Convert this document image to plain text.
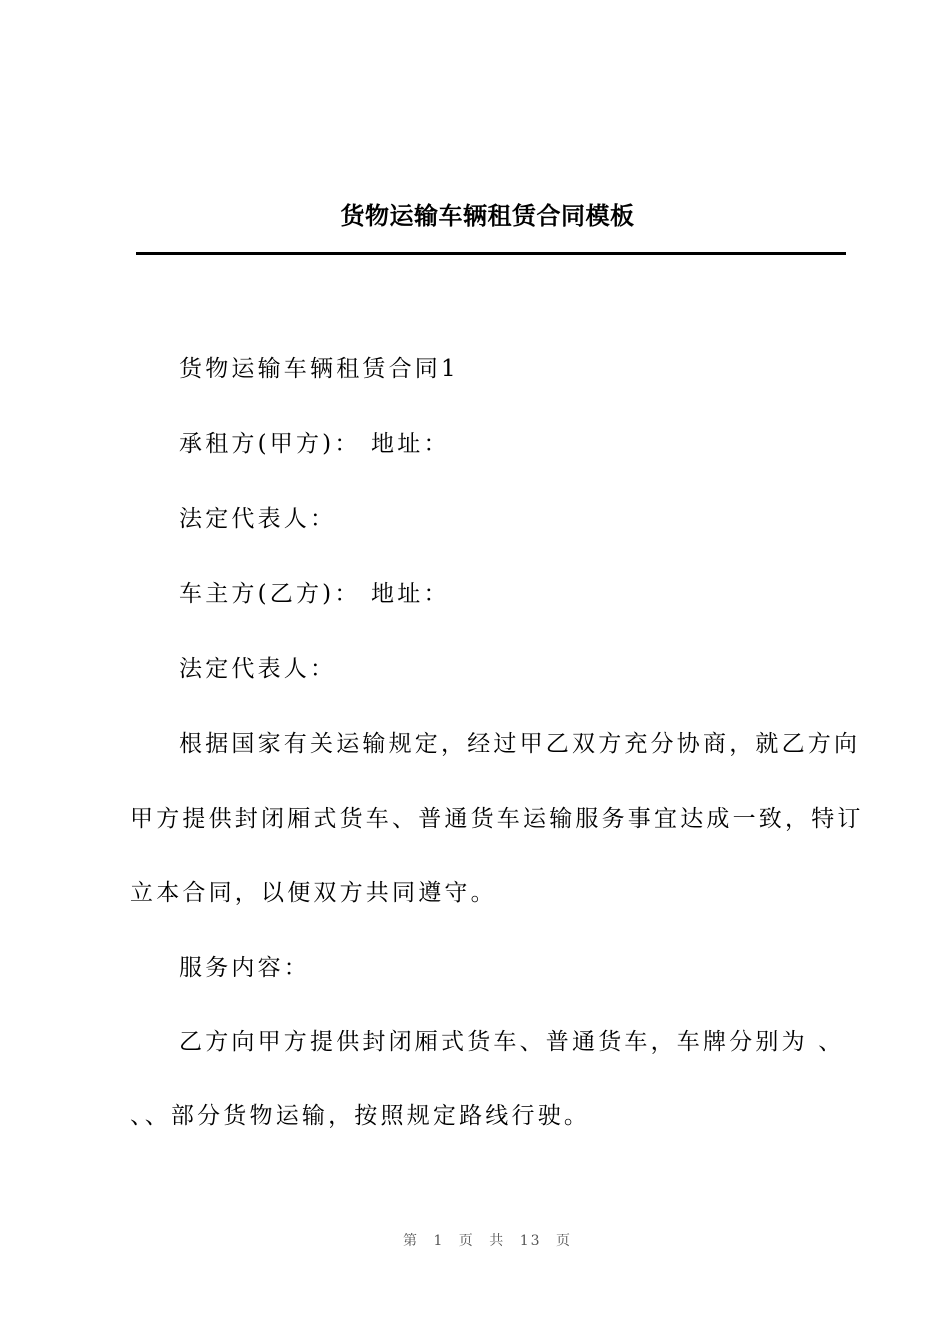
货物运输车辆租赁合同模板
货物运输车辆租赁合同1
承租方(甲方)： 地址：
法定代表人：
车主方(乙方)： 地址：
法定代表人：
根据国家有关运输规定，经过甲乙双方充分协商，就乙方向
甲方提供封闭厢式货车、普通货车运输服务事宜达成一致，特订
立本合同，以便双方共同遵守。
服务内容：
乙方向甲方提供封闭厢式货车、普通货车，车牌分别为 、
、、部分货物运输，按照规定路线行驶。
第 1 页 共 13 页
